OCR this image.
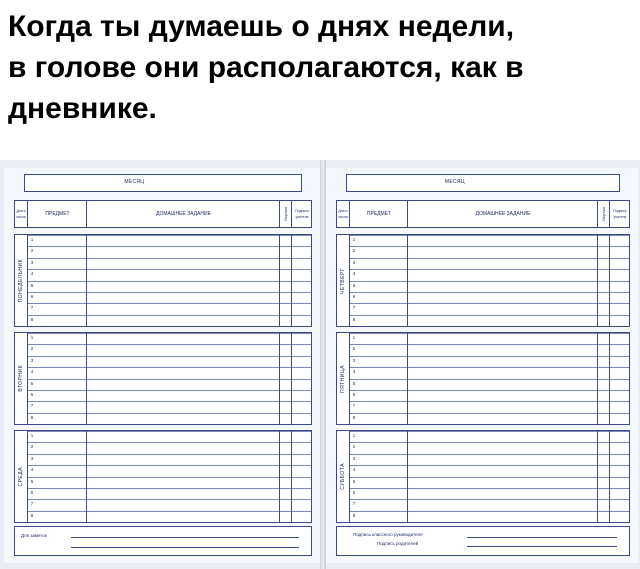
Когда ты думаешь о днях недели,
в голове они располагаются, как в
дневнике.
МЕСЯЦ
Дни и числа	ПРЕДМЕТ	ДОМАШНЕЕ ЗАДАНИЕ	Оценка	Подпись учителя
ПОНЕДЕЛЬНИК
1
2
3
4
5
6
7
8
ВТОРНИК
1
2
3
4
5
6
7
8
СРЕДА
1
2
3
4
5
6
7
8
Для заметок
МЕСЯЦ
Дни и числа	ПРЕДМЕТ	ДОМАШНЕЕ ЗАДАНИЕ	Оценка	Подпись учителя
ЧЕТВЕРГ
1
2
3
4
5
6
7
8
ПЯТНИЦА
1
2
3
4
5
6
7
8
СУББОТА
1
2
3
4
5
6
7
8
Подпись классного руководителя
Подпись родителей
